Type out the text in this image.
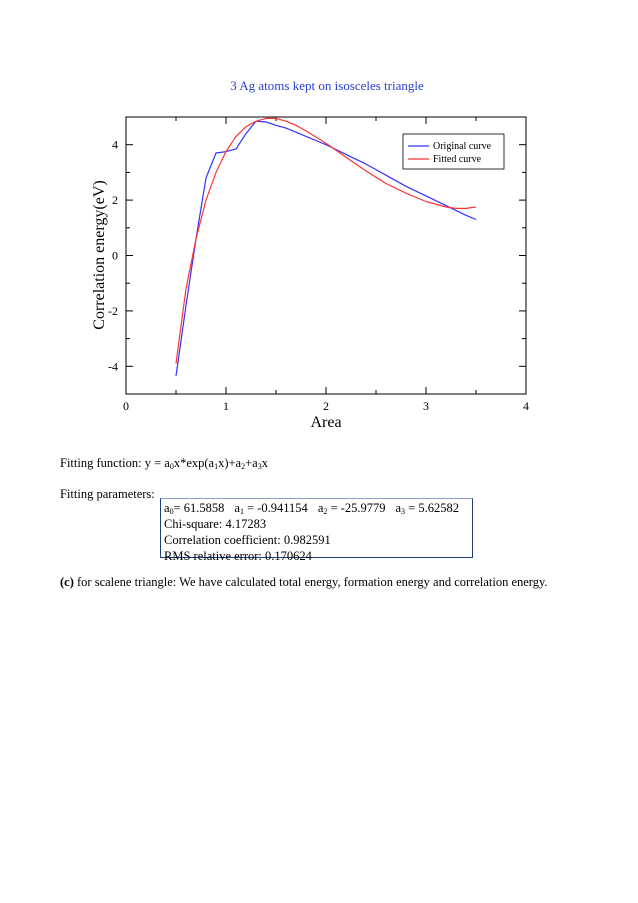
3 Ag atoms kept on isosceles triangle
0	1	2	3	4
-4
-2
0
2
4
Area
Correlation energy(eV)
Original curve
Fitted curve
Fitting function: $y = a_0x*\exp(a_1x)+a_2+a_3x$
Fitting parameters:
$a_0= 61.5858$ $a_1 = -0.941154$ $a_2 = -25.9779$ $a_3 = 5.62582$
Chi-square: 4.17283
Correlation coefficient: 0.982591
RMS relative error: 0.170624
(c) for scalene triangle: We have calculated total energy, formation energy and correlation energy.
